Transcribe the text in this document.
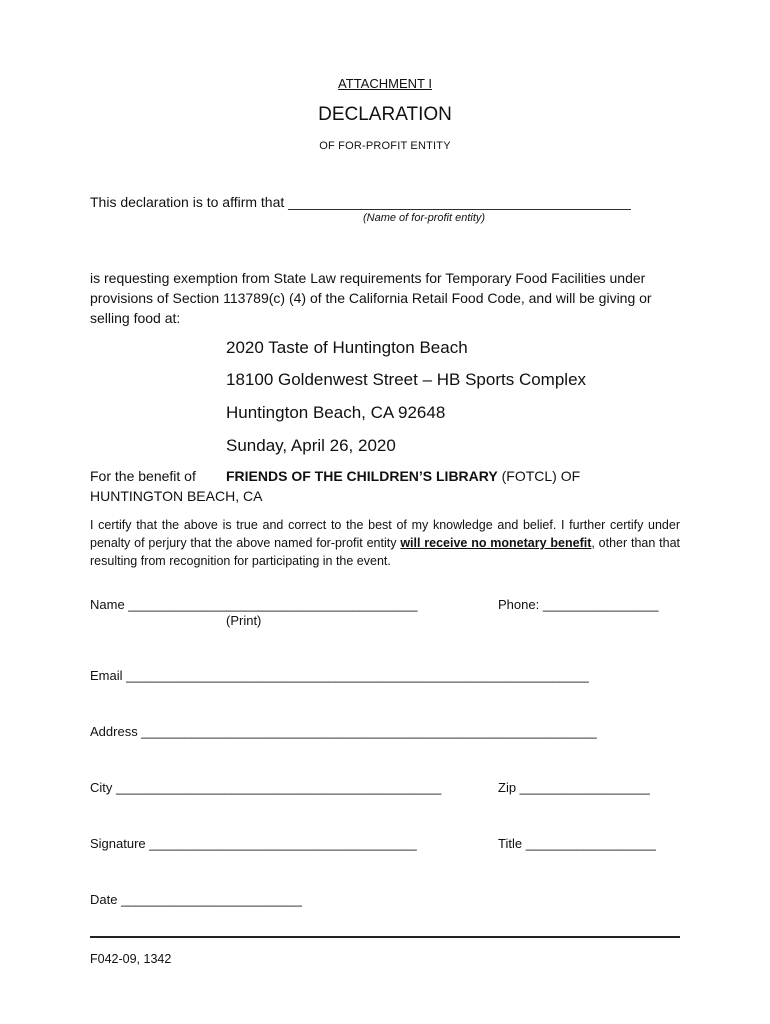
ATTACHMENT I
DECLARATION
OF FOR-PROFIT ENTITY
This declaration is to affirm that ____________________________________________
(Name of for-profit entity)
is requesting exemption from State Law requirements for Temporary Food Facilities under provisions of Section 113789(c) (4) of the California Retail Food Code, and will be giving or selling food at:
2020 Taste of Huntington Beach
18100 Goldenwest Street – HB Sports Complex
Huntington Beach, CA 92648
Sunday, April 26, 2020
For the benefit of FRIENDS OF THE CHILDREN’S LIBRARY (FOTCL) OF
HUNTINGTON BEACH, CA
I certify that the above is true and correct to the best of my knowledge and belief. I further certify under penalty of perjury that the above named for-profit entity will receive no monetary benefit, other than that resulting from recognition for participating in the event.
Name ________________________________________
(Print)
Phone: ________________
Email ________________________________________________________________
Address _______________________________________________________________
City _____________________________________________	Zip __________________
Signature _____________________________________	Title __________________
Date _________________________
F042-09, 1342
